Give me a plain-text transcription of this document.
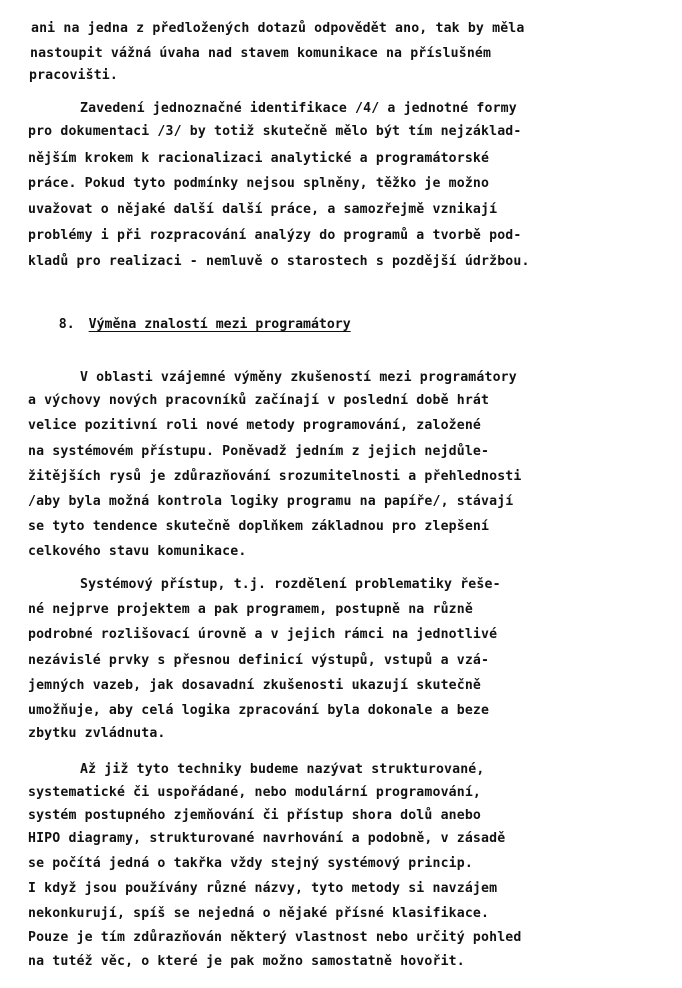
ani na jedna z předložených dotazů odpovědět ano, tak by měla
nastoupit vážná úvaha nad stavem komunikace na příslušném
pracovišti.
Zavedení jednoznačné identifikace /4/ a jednotné formy
pro dokumentaci /3/ by totiž skutečně mělo být tím nejzáklad-
nějším krokem k racionalizaci analytické a programátorské
práce. Pokud tyto podmínky nejsou splněny, těžko je možno
uvažovat o nějaké další další práce, a samozřejmě vznikají
problémy i při rozpracování analýzy do programů a tvorbě pod-
kladů pro realizaci - nemluvě o starostech s pozdější údržbou.

8. Výměna znalostí mezi programátory

V oblasti vzájemné výměny zkušeností mezi programátory
a výchovy nových pracovníků začínají v poslední době hrát
velice pozitivní roli nové metody programování, založené
na systémovém přístupu. Poněvadž jedním z jejich nejdůle-
žitějších rysů je zdůrazňování srozumitelnosti a přehlednosti
/aby byla možná kontrola logiky programu na papíře/, stávají
se tyto tendence skutečně doplňkem základnou pro zlepšení
celkového stavu komunikace.
Systémový přístup, t.j. rozdělení problematiky řeše-
né nejprve projektem a pak programem, postupně na různě
podrobné rozlišovací úrovně a v jejich rámci na jednotlivé
nezávislé prvky s přesnou definicí výstupů, vstupů a vzá-
jemných vazeb, jak dosavadní zkušenosti ukazují skutečně
umožňuje, aby celá logika zpracování byla dokonale a beze
zbytku zvládnuta.
Až již tyto techniky budeme nazývat strukturované,
systematické či uspořádané, nebo modulární programování,
systém postupného zjemňování či přístup shora dolů anebo
HIPO diagramy, strukturované navrhování a podobně, v zásadě
se počítá jedná o takřka vždy stejný systémový princip.
I když jsou používány různé názvy, tyto metody si navzájem
nekonkurují, spíš se nejedná o nějaké přísné klasifikace.
Pouze je tím zdůrazňován některý vlastnost nebo určitý pohled
na tutéž věc, o které je pak možno samostatně hovořit.
